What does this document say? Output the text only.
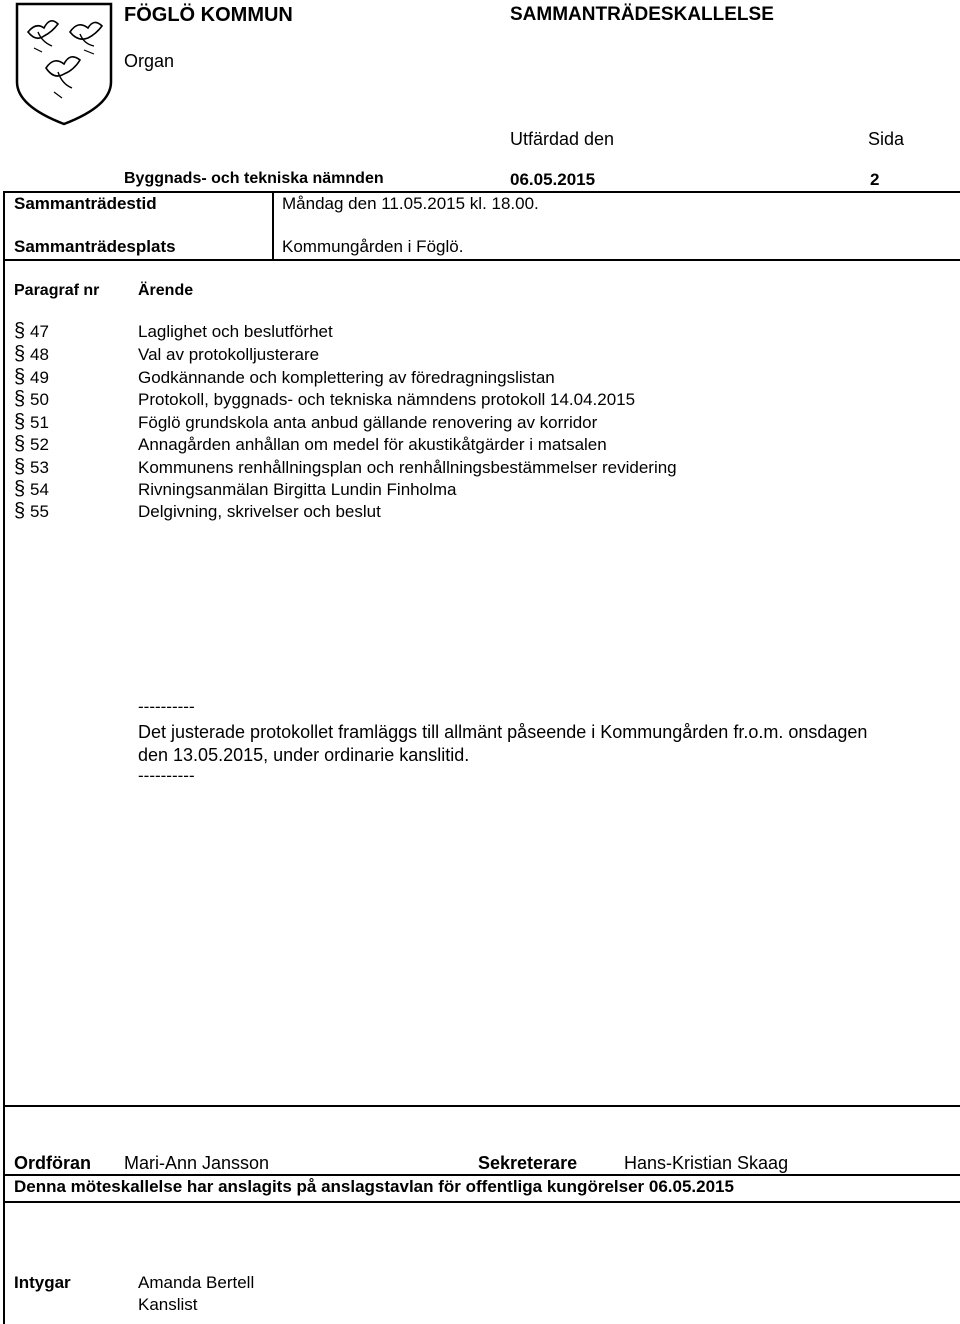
FÖGLÖ KOMMUN	SAMMANTRÄDESKALLELSE
Organ
Utfärdad den	Sida
Byggnads- och tekniska nämnden	06.05.2015	2
Sammanträdestid	Måndag den 11.05.2015 kl. 18.00.
Sammanträdesplats	Kommungården i Föglö.
Paragraf nr Ärende
§ 47	Laglighet och beslutförhet
§ 48	Val av protokolljusterare
§ 49	Godkännande och komplettering av föredragningslistan
§ 50	Protokoll, byggnads- och tekniska nämndens protokoll 14.04.2015
§ 51	Föglö grundskola anta anbud gällande renovering av korridor
§ 52	Annagården anhållan om medel för akustikåtgärder i matsalen
§ 53	Kommunens renhållningsplan och renhållningsbestämmelser revidering
§ 54	Rivningsanmälan Birgitta Lundin Finholma
§ 55	Delgivning, skrivelser och beslut
----------
Det justerade protokollet framläggs till allmänt påseende i Kommungården fr.o.m. onsdagen
den 13.05.2015, under ordinarie kanslitid.
----------
Ordföran Mari-Ann Jansson	Sekreterare	Hans-Kristian Skaag
Denna möteskallelse har anslagits på anslagstavlan för offentliga kungörelser 06.05.2015
Intygar	Amanda Bertell
Kanslist
